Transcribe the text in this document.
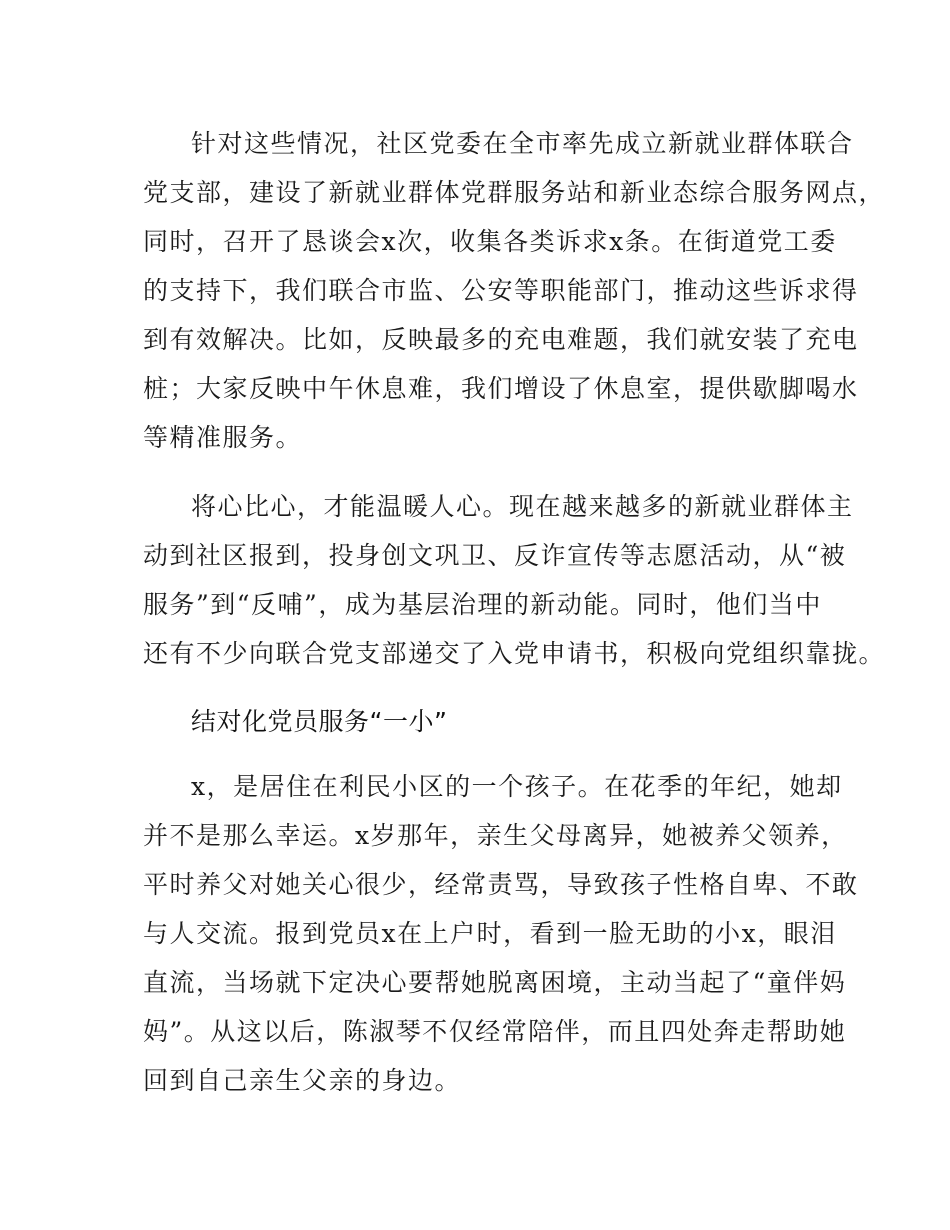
针对这些情况，社区党委在全市率先成立新就业群体联合
党支部，建设了新就业群体党群服务站和新业态综合服务网点，
同时，召开了恳谈会x次，收集各类诉求x条。在街道党工委
的支持下，我们联合市监、公安等职能部门，推动这些诉求得
到有效解决。比如，反映最多的充电难题，我们就安装了充电
桩；大家反映中午休息难，我们增设了休息室，提供歇脚喝水
等精准服务。
将心比心，才能温暖人心。现在越来越多的新就业群体主
动到社区报到，投身创文巩卫、反诈宣传等志愿活动，从“被
服务”到“反哺”，成为基层治理的新动能。同时，他们当中
还有不少向联合党支部递交了入党申请书，积极向党组织靠拢。
结对化党员服务“一小”
x，是居住在利民小区的一个孩子。在花季的年纪，她却
并不是那么幸运。x岁那年，亲生父母离异，她被养父领养，
平时养父对她关心很少，经常责骂，导致孩子性格自卑、不敢
与人交流。报到党员x在上户时，看到一脸无助的小x，眼泪
直流，当场就下定决心要帮她脱离困境，主动当起了“童伴妈
妈”。从这以后，陈淑琴不仅经常陪伴，而且四处奔走帮助她
回到自己亲生父亲的身边。
